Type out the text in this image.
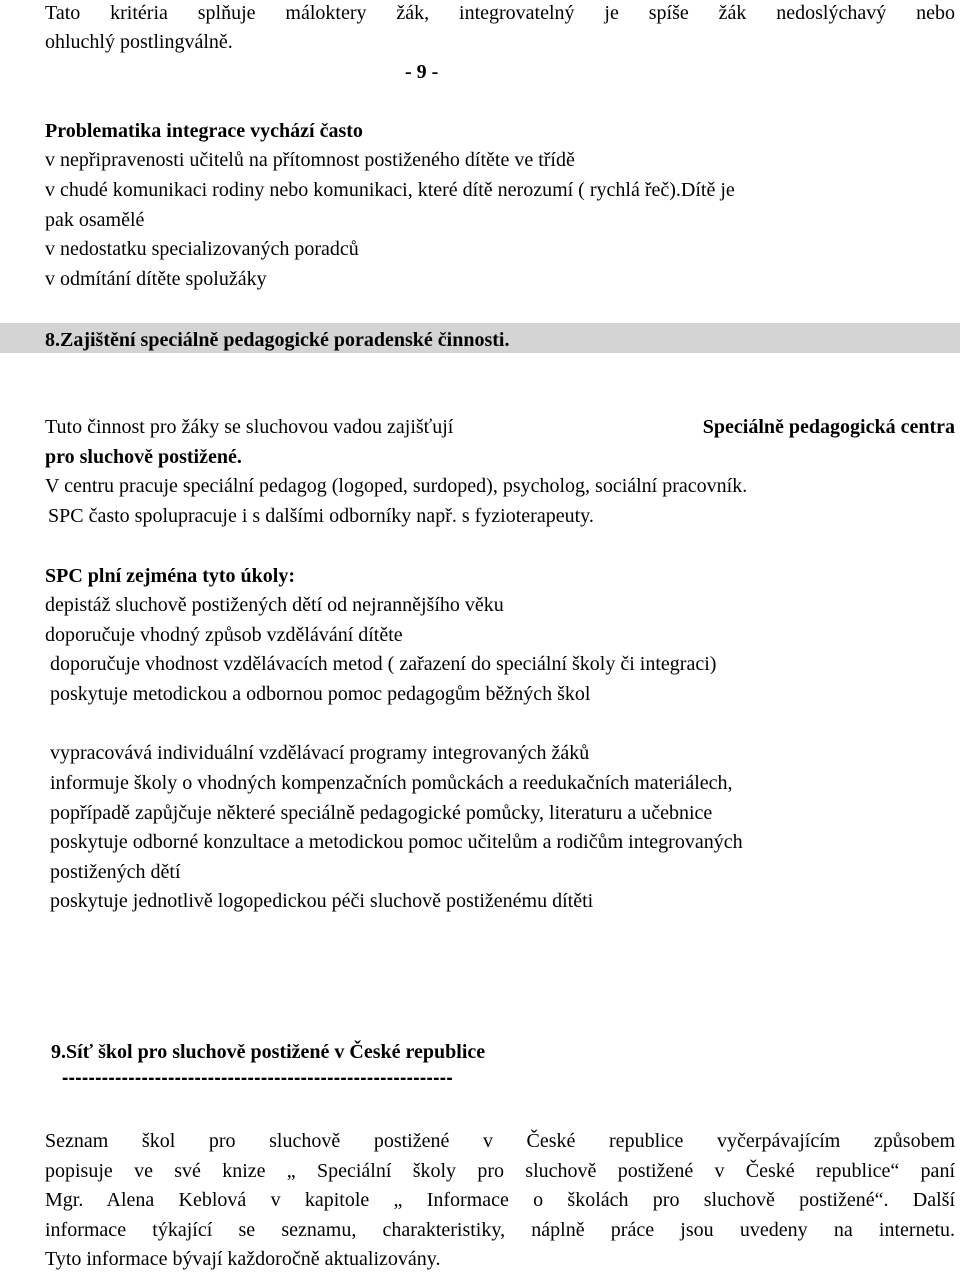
Tato kritéria splňuje máloktery žák, integrovatelný je spíše žák nedoslýchavý nebo
ohluchlý postlingválně.
- 9 -
Problematika integrace vychází často
v nepřipravenosti učitelů na přítomnost postiženého dítěte ve třídě
v chudé komunikaci rodiny nebo komunikaci, které dítě nerozumí ( rychlá řeč).Dítě je
pak osamělé
v nedostatku specializovaných poradců
v odmítání dítěte spolužáky
8.Zajištění speciálně pedagogické poradenské činnosti.
Tuto činnost pro žáky se sluchovou vadou zajišťují	Speciálně pedagogická centra
pro sluchově postižené.
V centru pracuje speciální pedagog (logoped, surdoped), psycholog, sociální pracovník.
SPC často spolupracuje i s dalšími odborníky např. s fyzioterapeuty.
SPC plní zejména tyto úkoly:
depistáž sluchově postižených dětí od nejrannějšího věku
doporučuje vhodný způsob vzdělávání dítěte
doporučuje vhodnost vzdělávacích metod ( zařazení do speciální školy či integraci)
poskytuje metodickou a odbornou pomoc pedagogům běžných škol
vypracovává individuální vzdělávací programy integrovaných žáků
informuje školy o vhodných kompenzačních pomůckách a reedukačních materiálech,
popřípadě zapůjčuje některé speciálně pedagogické pomůcky, literaturu a učebnice
poskytuje odborné konzultace a metodickou pomoc učitelům a rodičům integrovaných
postižených dětí
poskytuje jednotlivě logopedickou péči sluchově postiženému dítěti
9.Síť škol pro sluchově postižené v České republice
-----------------------------------------------------------
Seznam škol pro sluchově postižené v České republice vyčerpávajícím způsobem
popisuje ve své knize „ Speciální školy pro sluchově postižené v České republice“ paní
Mgr. Alena Keblová v kapitole „ Informace o školách pro sluchově postižené“. Další
informace týkající se seznamu, charakteristiky, náplně práce jsou uvedeny na internetu.
Tyto informace bývají každoročně aktualizovány.
